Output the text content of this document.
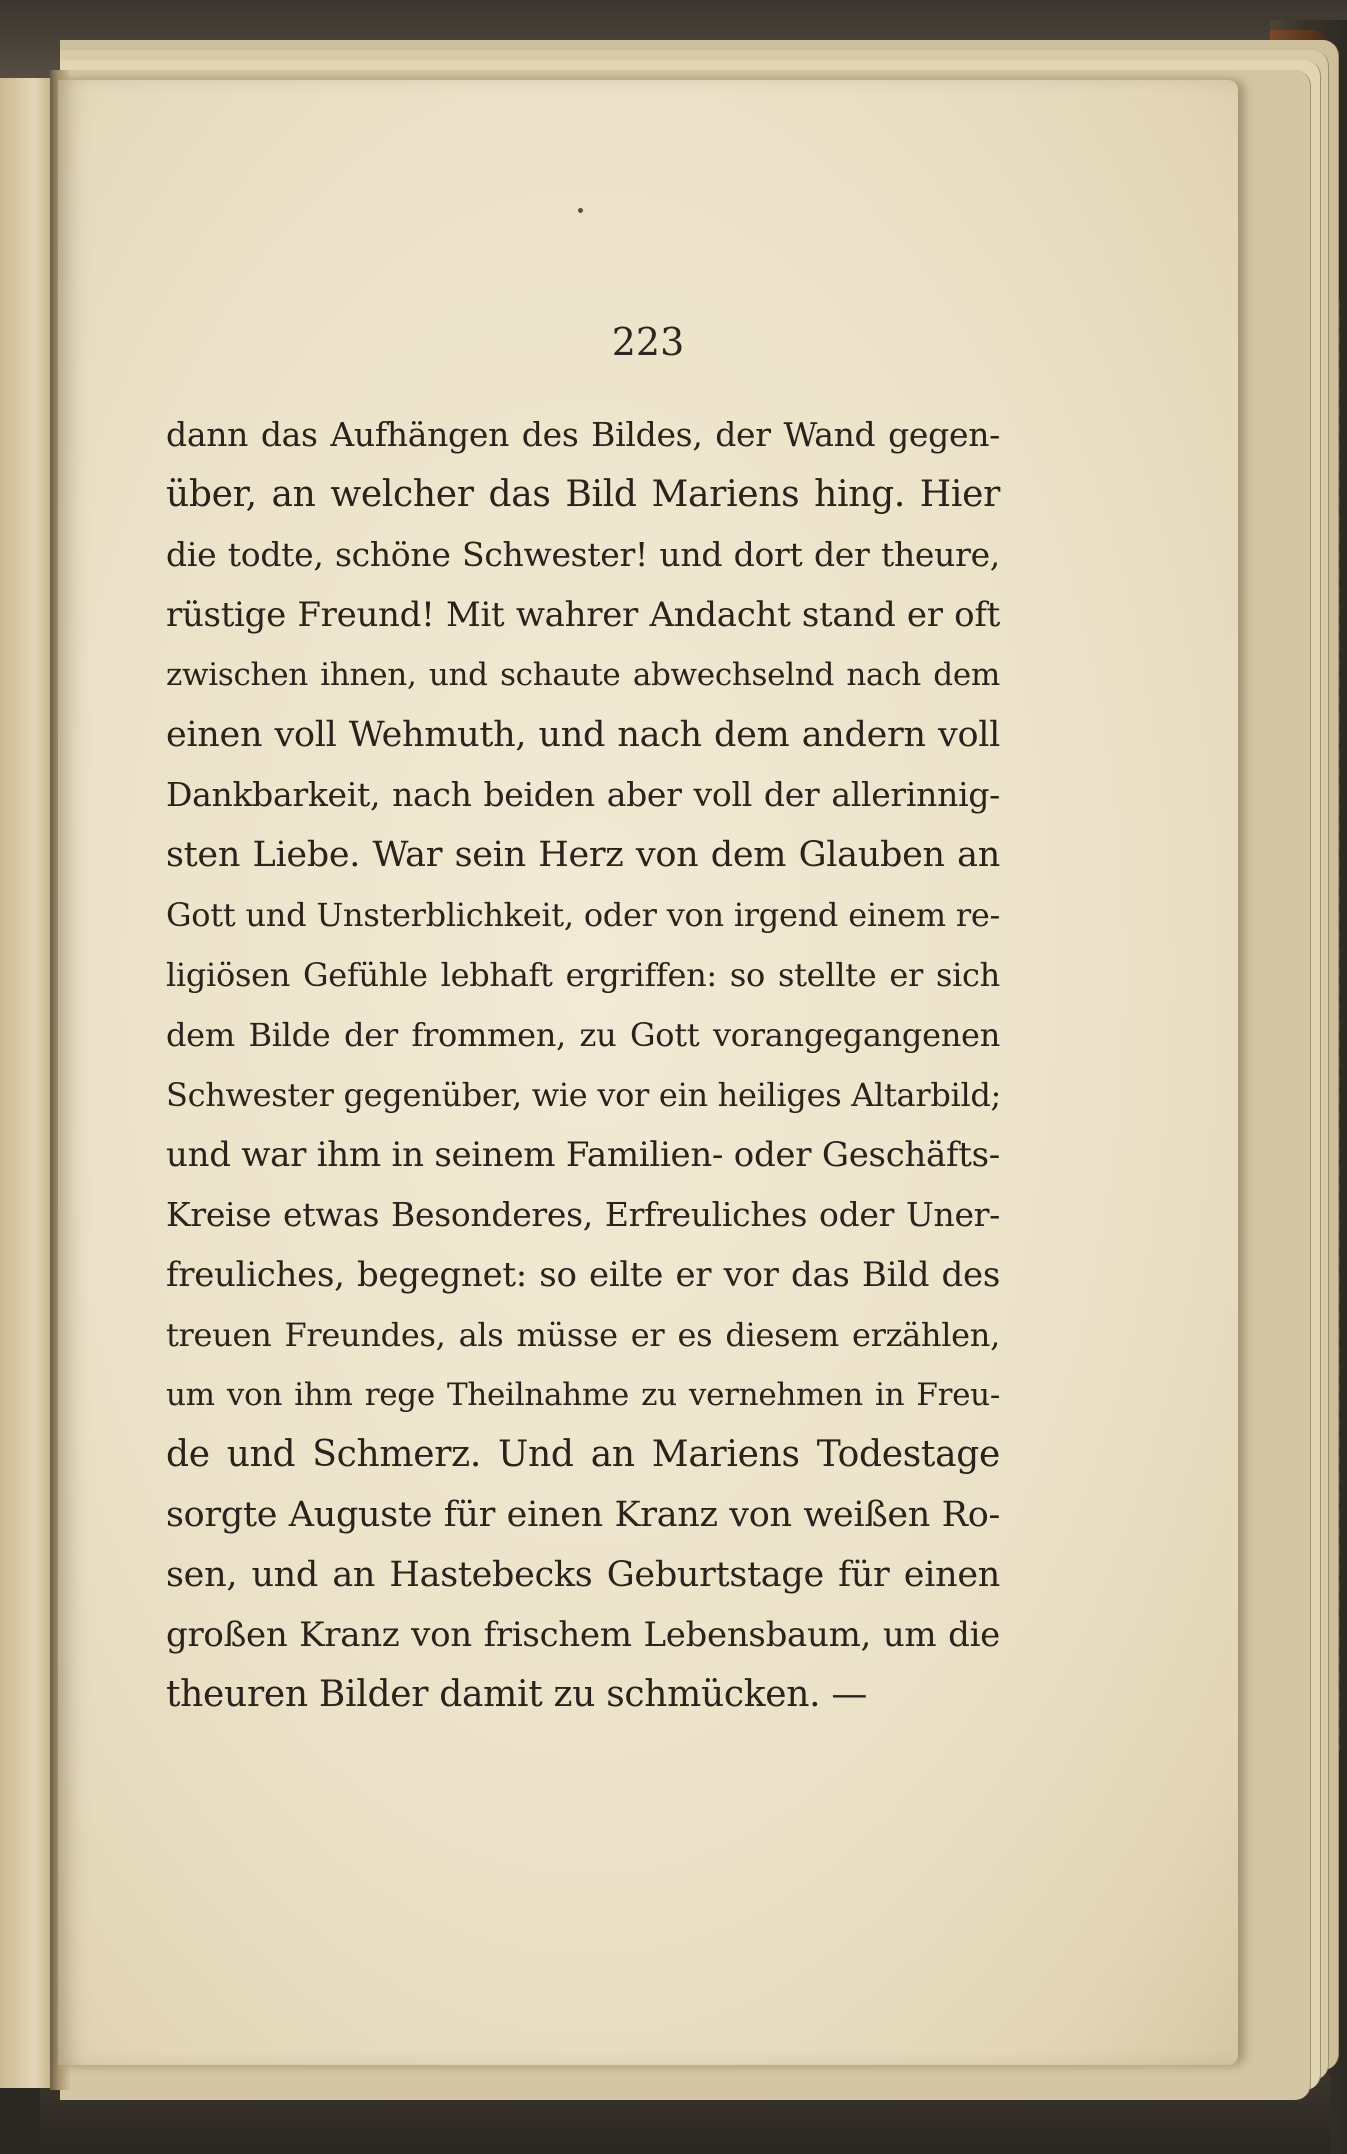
223
dann das Aufhängen des Bildes, der Wand gegen-
über, an welcher das Bild Mariens hing. Hier
die todte, schöne Schwester! und dort der theure,
rüstige Freund! Mit wahrer Andacht stand er oft
zwischen ihnen, und schaute abwechselnd nach dem
einen voll Wehmuth, und nach dem andern voll
Dankbarkeit, nach beiden aber voll der allerinnig-
sten Liebe. War sein Herz von dem Glauben an
Gott und Unsterblichkeit, oder von irgend einem re-
ligiösen Gefühle lebhaft ergriffen: so stellte er sich
dem Bilde der frommen, zu Gott vorangegangenen
Schwester gegenüber, wie vor ein heiliges Altarbild;
und war ihm in seinem Familien- oder Geschäfts-
Kreise etwas Besonderes, Erfreuliches oder Uner-
freuliches, begegnet: so eilte er vor das Bild des
treuen Freundes, als müsse er es diesem erzählen,
um von ihm rege Theilnahme zu vernehmen in Freu-
de und Schmerz. Und an Mariens Todestage
sorgte Auguste für einen Kranz von weißen Ro-
sen, und an Hastebecks Geburtstage für einen
großen Kranz von frischem Lebensbaum, um die
theuren Bilder damit zu schmücken. —
